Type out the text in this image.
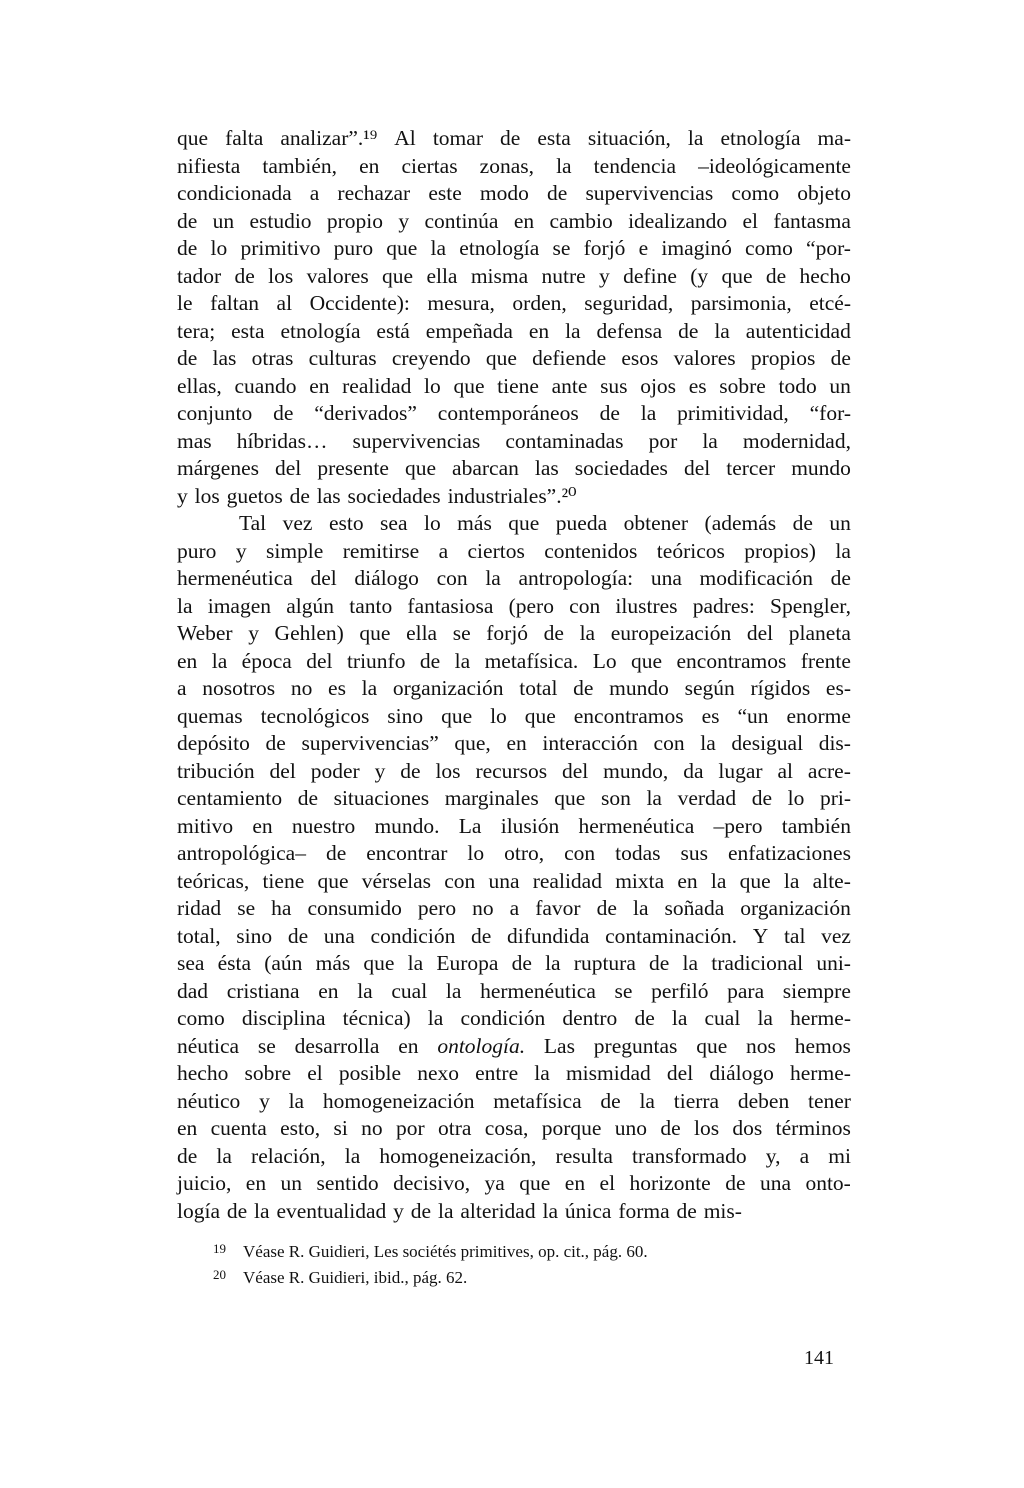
que falta analizar”.¹⁹ Al tomar de esta situación, la etnología ma-
nifiesta también, en ciertas zonas, la tendencia –ideológicamente
condicionada a rechazar este modo de supervivencias como objeto
de un estudio propio y continúa en cambio idealizando el fantasma
de lo primitivo puro que la etnología se forjó e imaginó como “por-
tador de los valores que ella misma nutre y define (y que de hecho
le faltan al Occidente): mesura, orden, seguridad, parsimonia, etcé-
tera; esta etnología está empeñada en la defensa de la autenticidad
de las otras culturas creyendo que defiende esos valores propios de
ellas, cuando en realidad lo que tiene ante sus ojos es sobre todo un
conjunto de “derivados” contemporáneos de la primitividad, “for-
mas híbridas… supervivencias contaminadas por la modernidad,
márgenes del presente que abarcan las sociedades del tercer mundo
y los guetos de las sociedades industriales”.²⁰
Tal vez esto sea lo más que pueda obtener (además de un
puro y simple remitirse a ciertos contenidos teóricos propios) la
hermenéutica del diálogo con la antropología: una modificación de
la imagen algún tanto fantasiosa (pero con ilustres padres: Spengler,
Weber y Gehlen) que ella se forjó de la europeización del planeta
en la época del triunfo de la metafísica. Lo que encontramos frente
a nosotros no es la organización total de mundo según rígidos es-
quemas tecnológicos sino que lo que encontramos es “un enorme
depósito de supervivencias” que, en interacción con la desigual dis-
tribución del poder y de los recursos del mundo, da lugar al acre-
centamiento de situaciones marginales que son la verdad de lo pri-
mitivo en nuestro mundo. La ilusión hermenéutica –pero también
antropológica– de encontrar lo otro, con todas sus enfatizaciones
teóricas, tiene que vérselas con una realidad mixta en la que la alte-
ridad se ha consumido pero no a favor de la soñada organización
total, sino de una condición de difundida contaminación. Y tal vez
sea ésta (aún más que la Europa de la ruptura de la tradicional uni-
dad cristiana en la cual la hermenéutica se perfiló para siempre
como disciplina técnica) la condición dentro de la cual la herme-
néutica se desarrolla en ontología. Las preguntas que nos hemos
hecho sobre el posible nexo entre la mismidad del diálogo herme-
néutico y la homogeneización metafísica de la tierra deben tener
en cuenta esto, si no por otra cosa, porque uno de los dos términos
de la relación, la homogeneización, resulta transformado y, a mi
juicio, en un sentido decisivo, ya que en el horizonte de una onto-
logía de la eventualidad y de la alteridad la única forma de mis-
19 Véase R. Guidieri, Les sociétés primitives, op. cit., pág. 60.
20 Véase R. Guidieri, ibid., pág. 62.
141
